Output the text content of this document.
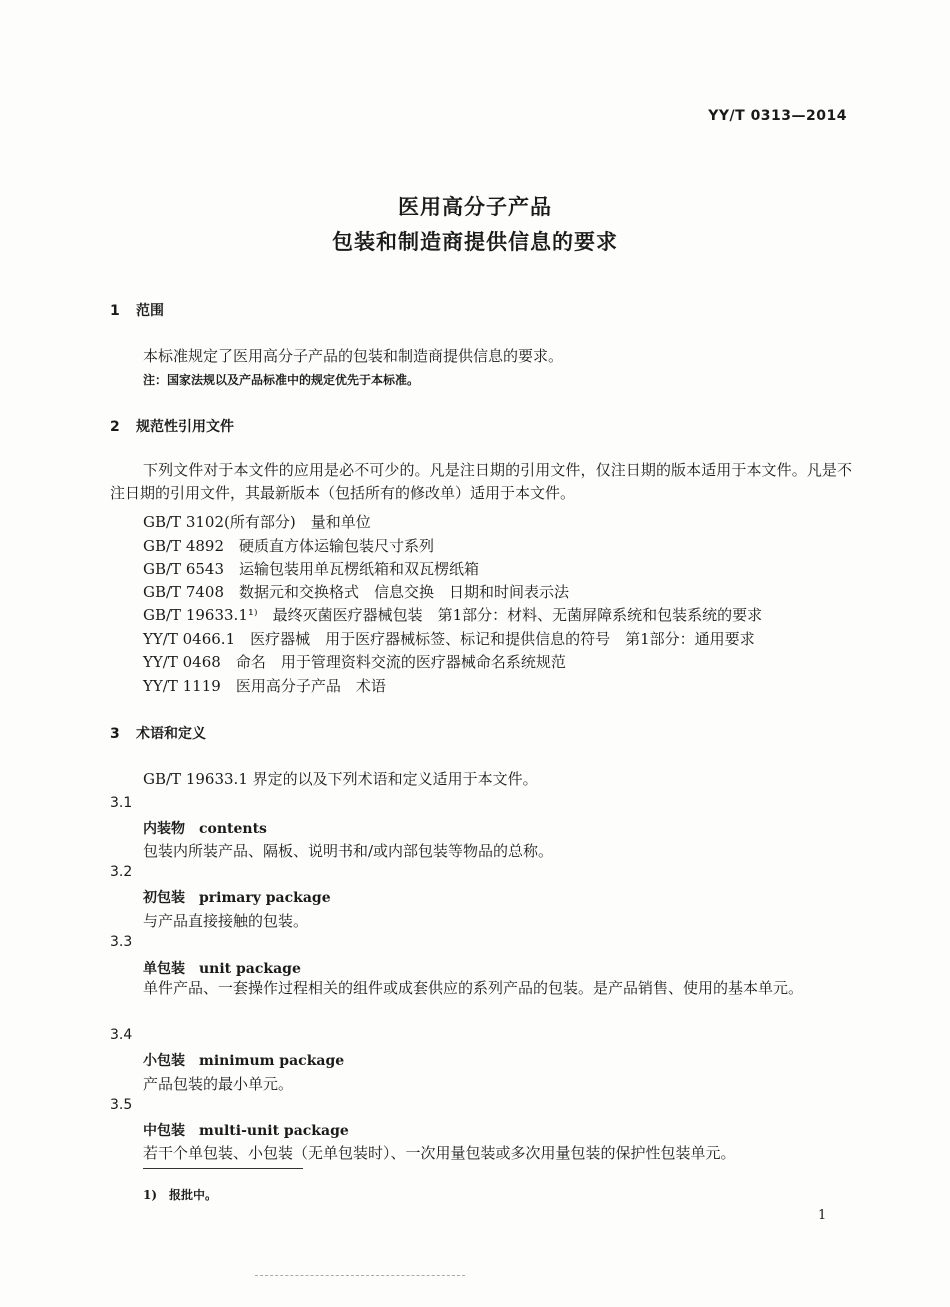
YY/T 0313—2014
医用高分子产品
包装和制造商提供信息的要求
1 范围
本标准规定了医用高分子产品的包装和制造商提供信息的要求。
注：国家法规以及产品标准中的规定优先于本标准。
2 规范性引用文件
下列文件对于本文件的应用是必不可少的。凡是注日期的引用文件，仅注日期的版本适用于本文件。凡是不注日期的引用文件，其最新版本（包括所有的修改单）适用于本文件。
GB/T 3102(所有部分)　 量和单位
GB/T 4892　 硬质直方体运输包装尺寸系列
GB/T 6543　 运输包装用单瓦楞纸箱和双瓦楞纸箱
GB/T 7408　 数据元和交换格式　信息交换　日期和时间表示法
GB/T 19633.1¹⁾　 最终灭菌医疗器械包装　第1部分：材料、无菌屏障系统和包装系统的要求
YY/T 0466.1　 医疗器械　用于医疗器械标签、标记和提供信息的符号　第1部分：通用要求
YY/T 0468　 命名　用于管理资料交流的医疗器械命名系统规范
YY/T 1119　 医用高分子产品　术语
3 术语和定义
GB/T 19633.1 界定的以及下列术语和定义适用于本文件。
3.1
内装物 contents
包装内所装产品、隔板、说明书和/或内部包装等物品的总称。
3.2
初包装 primary package
与产品直接接触的包装。
3.3
单包装 unit package
单件产品、一套操作过程相关的组件或成套供应的系列产品的包装。是产品销售、使用的基本单元。
3.4
小包装 minimum package
产品包装的最小单元。
3.5
中包装 multi-unit package
若干个单包装、小包装（无单包装时）、一次用量包装或多次用量包装的保护性包装单元。
1)　报批中。
1
